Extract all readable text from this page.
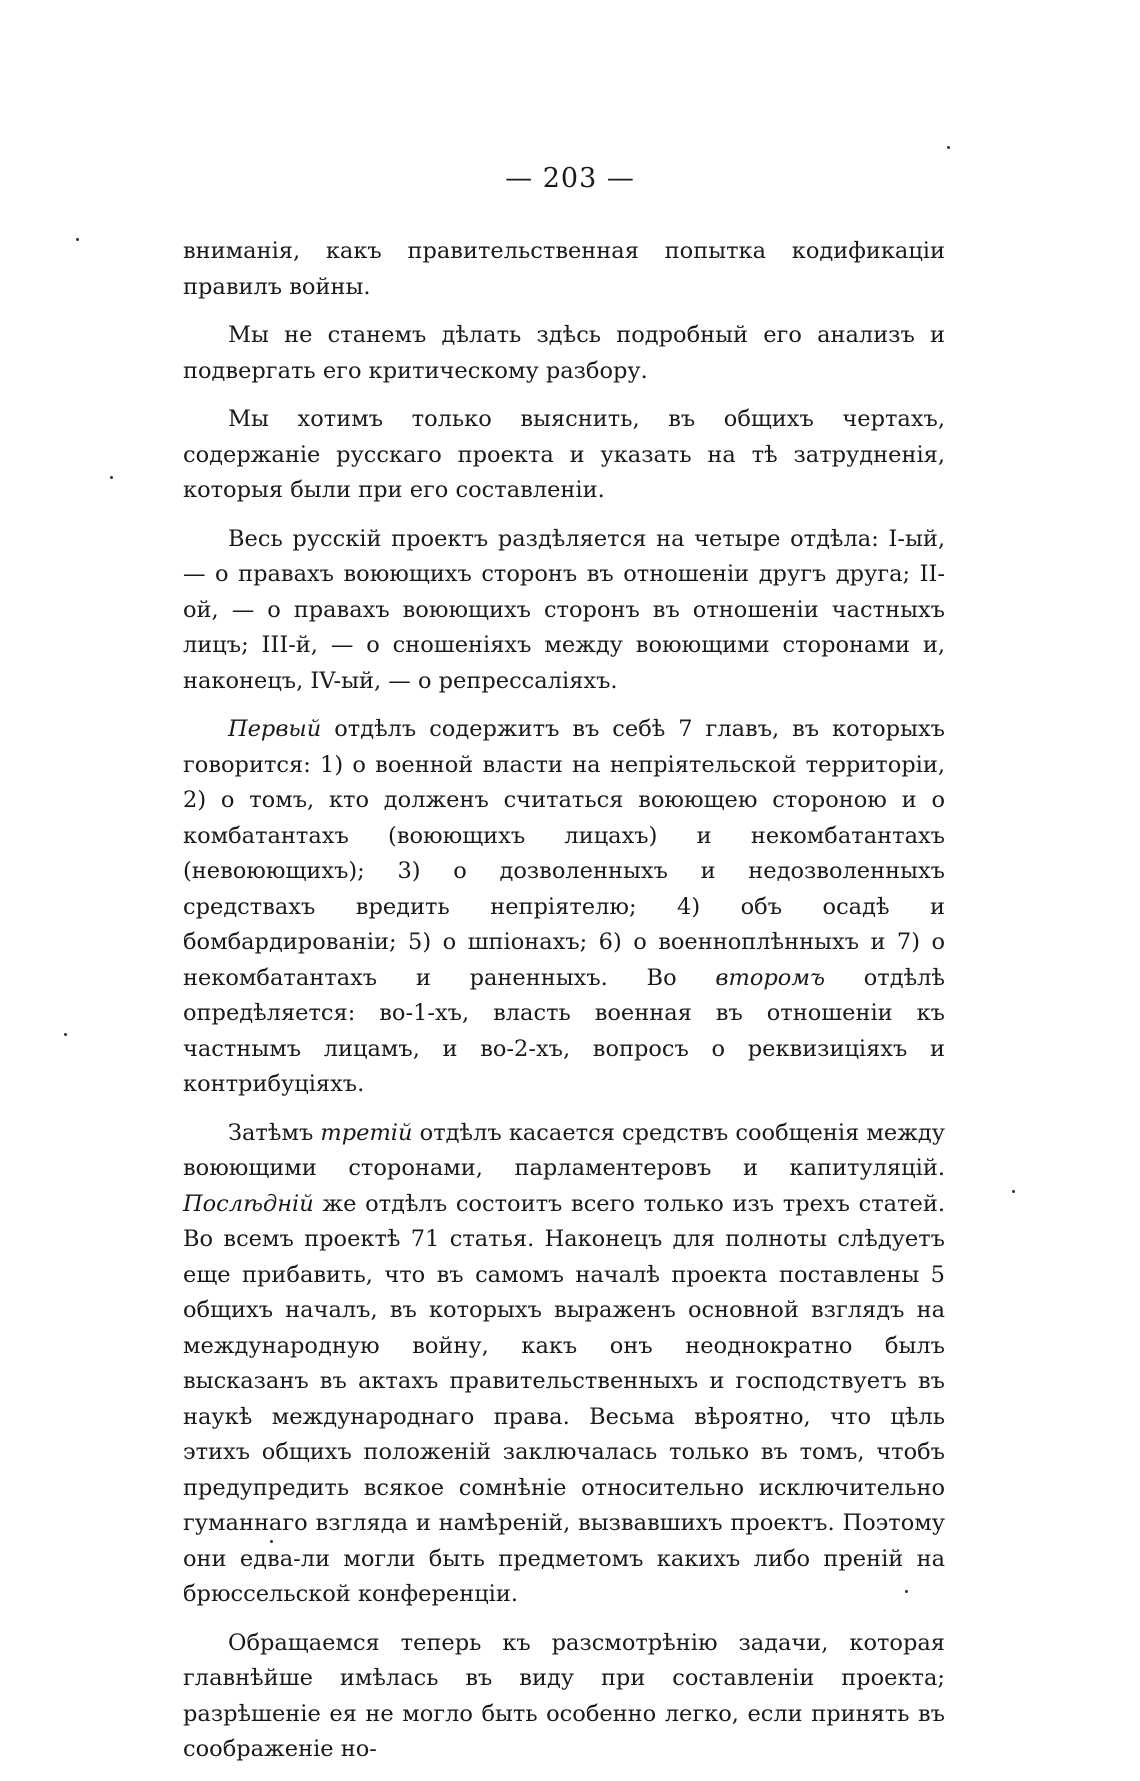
— 203 —

вниманія, какъ правительственная попытка кодификаціи правилъ войны.

Мы не станемъ дѣлать здѣсь подробный его анализъ и подвергать его критическому разбору.

Мы хотимъ только выяснить, въ общихъ чертахъ, содержаніе русскаго проекта и указать на тѣ затрудненія, которыя были при его составленіи.

Весь русскій проектъ раздѣляется на четыре отдѣла: I-ый, — о правахъ воюющихъ сторонъ въ отношеніи другъ друга; II-ой, — о правахъ воюющихъ сторонъ въ отношеніи частныхъ лицъ; III-й, — о сношеніяхъ между воюющими сторонами и, наконецъ, IV-ый, — о репрессаліяхъ.

Первый отдѣлъ содержитъ въ себѣ 7 главъ, въ которыхъ говорится: 1) о военной власти на непріятельской территоріи, 2) о томъ, кто долженъ считаться воюющею стороною и о комбатантахъ (воюющихъ лицахъ) и некомбатантахъ (невоюющихъ); 3) о дозволенныхъ и недозволенныхъ средствахъ вредить непріятелю; 4) объ осадѣ и бомбардированіи; 5) о шпіонахъ; 6) о военноплѣнныхъ и 7) о некомбатантахъ и раненныхъ. Во второмъ отдѣлѣ опредѣляется: во-1-хъ, власть военная въ отношеніи къ частнымъ лицамъ, и во-2-хъ, вопросъ о реквизиціяхъ и контрибуціяхъ.

Затѣмъ третій отдѣлъ касается средствъ сообщенія между воюющими сторонами, парламентеровъ и капитуляцій. Послѣдній же отдѣлъ состоитъ всего только изъ трехъ статей. Во всемъ проектѣ 71 статья. Наконецъ для полноты слѣдуетъ еще прибавить, что въ самомъ началѣ проекта поставлены 5 общихъ началъ, въ которыхъ выраженъ основной взглядъ на международную войну, какъ онъ неоднократно былъ высказанъ въ актахъ правительственныхъ и господствуетъ въ наукѣ международнаго права. Весьма вѣроятно, что цѣль этихъ общихъ положеній заключалась только въ томъ, чтобъ предупредить всякое сомнѣніе относительно исключительно гуманнаго взгляда и намѣреній, вызвавшихъ проектъ. Поэтому они едва-ли могли быть предметомъ какихъ либо преній на брюссельской конференціи.

Обращаемся теперь къ разсмотрѣнію задачи, которая главнѣйше имѣлась въ виду при составленіи проекта; разрѣшеніе ея не могло быть особенно легко, если принять въ соображеніе но-
